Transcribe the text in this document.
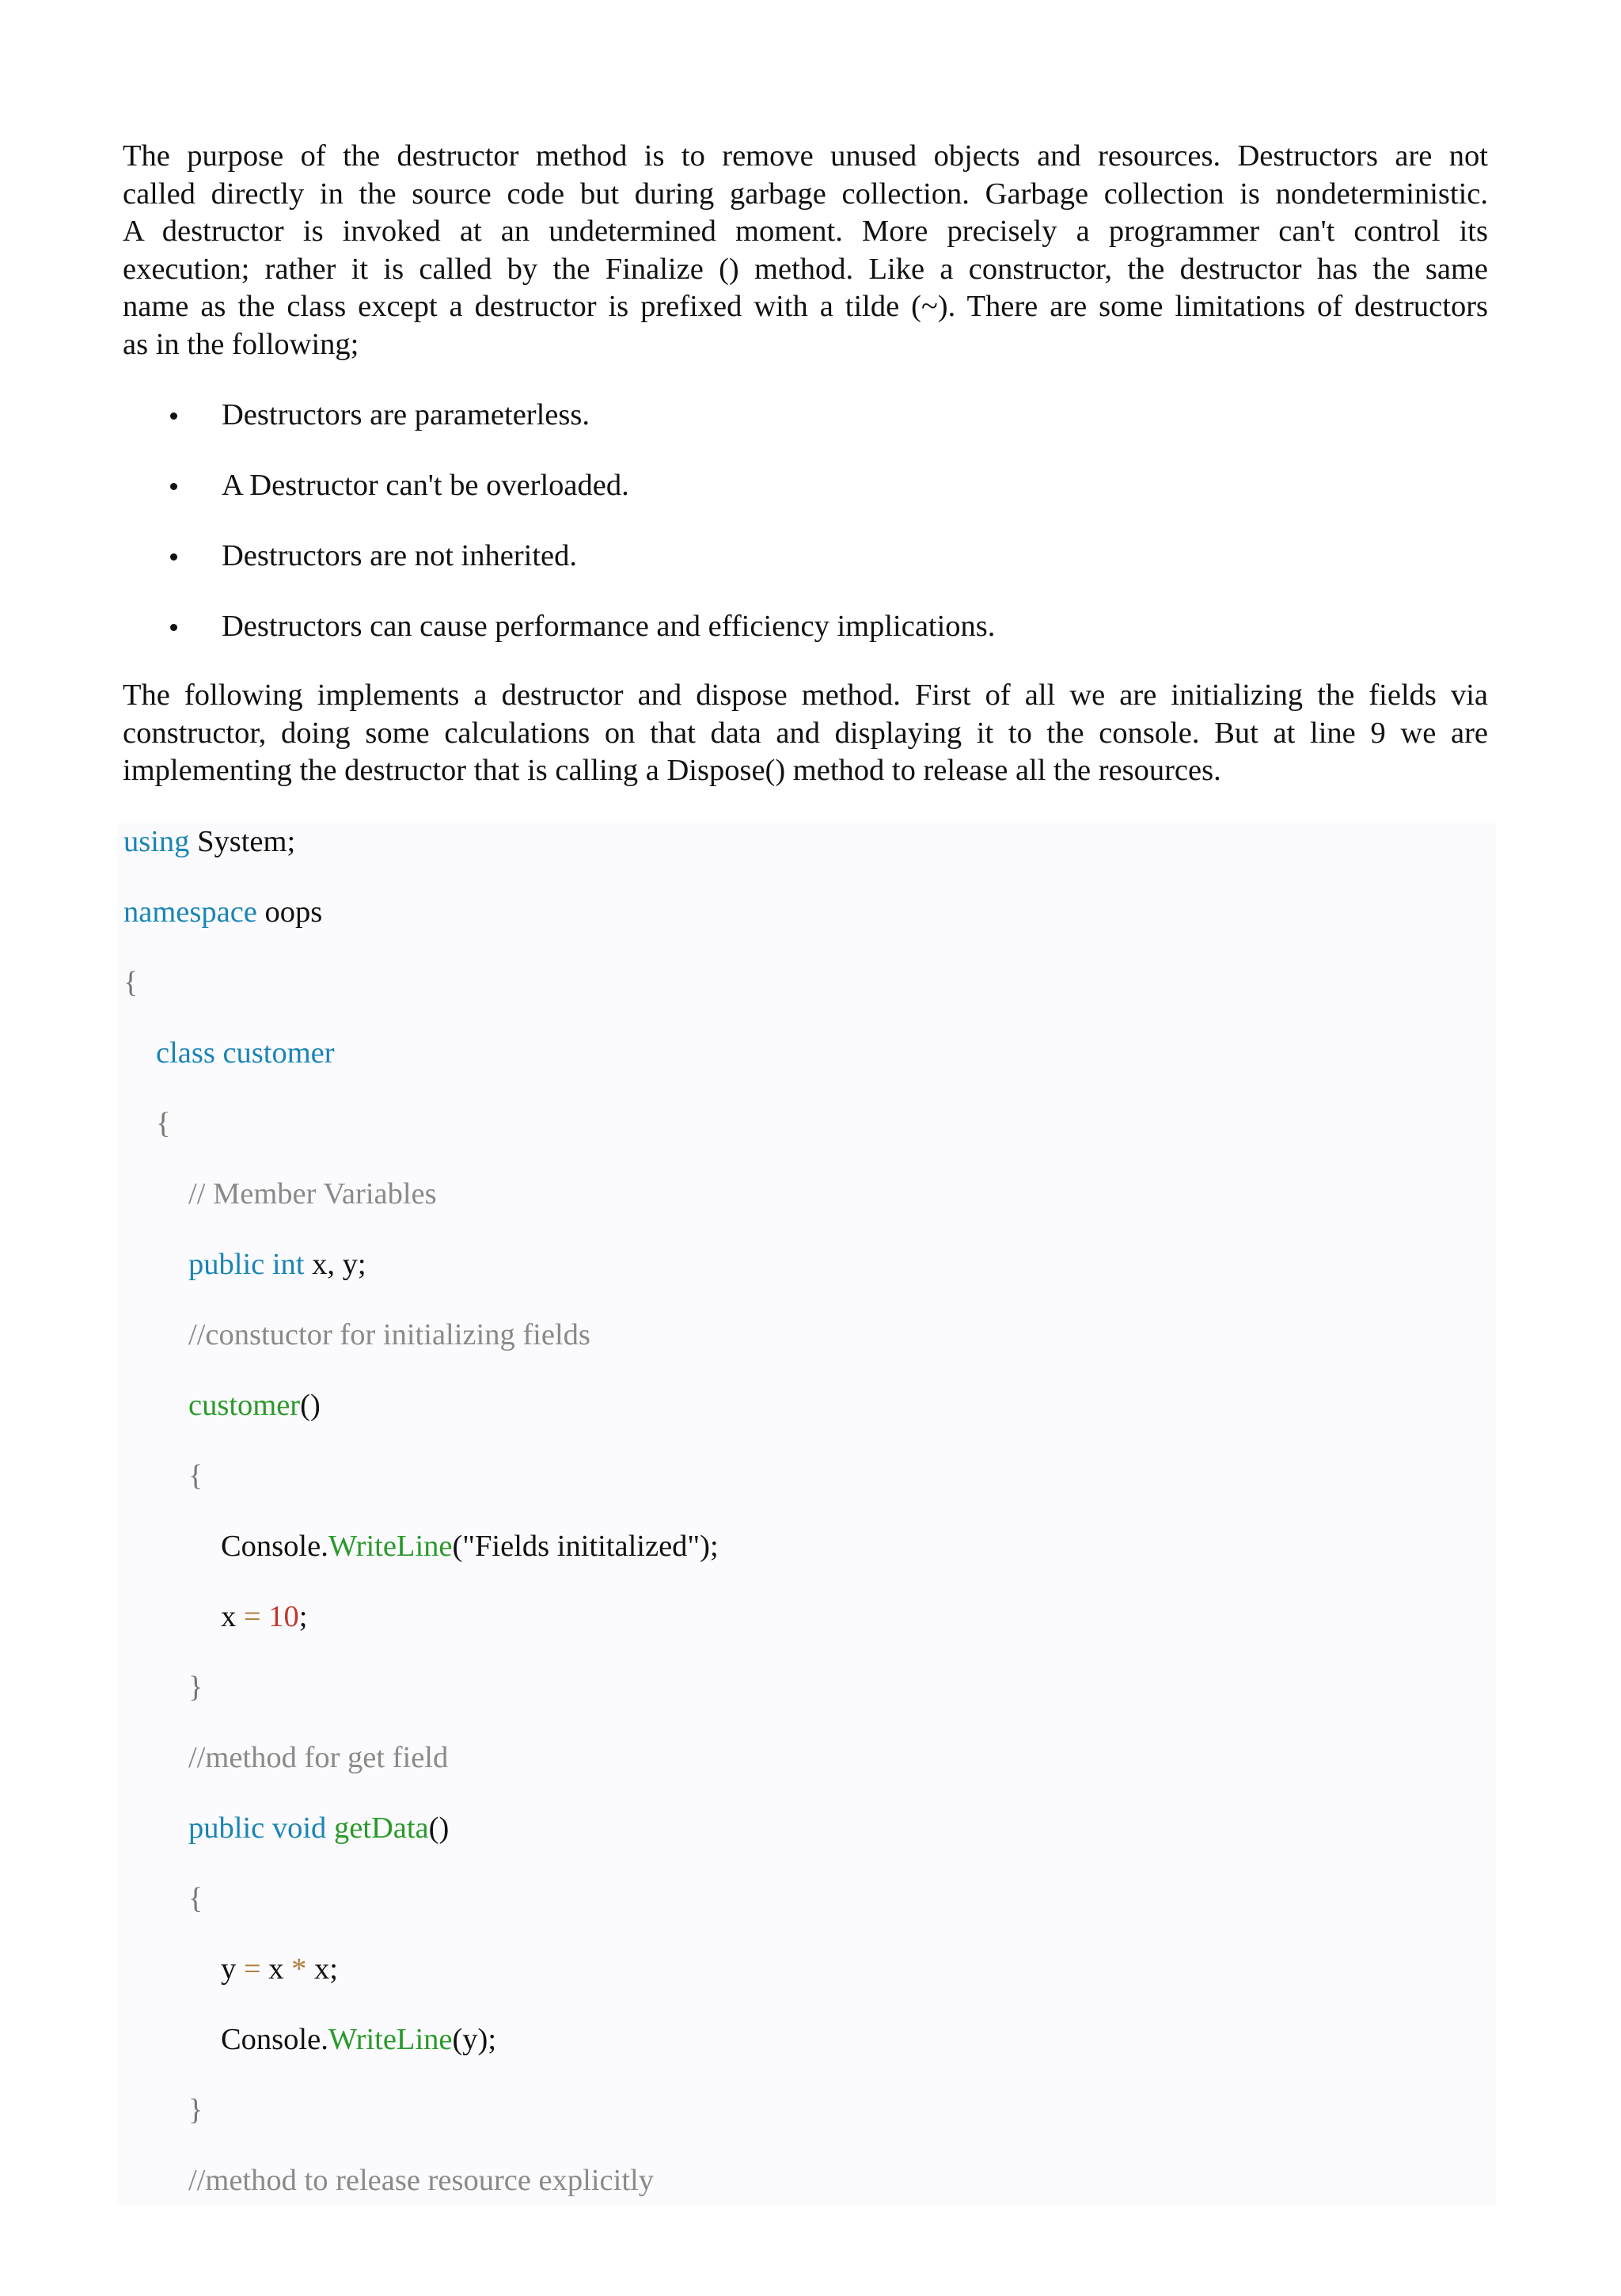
The purpose of the destructor method is to remove unused objects and resources. Destructors are not
called directly in the source code but during garbage collection. Garbage collection is nondeterministic.
A destructor is invoked at an undetermined moment. More precisely a programmer can't control its
execution; rather it is called by the Finalize () method. Like a constructor, the destructor has the same
name as the class except a destructor is prefixed with a tilde (~). There are some limitations of destructors
as in the following;
Destructors are parameterless.
A Destructor can't be overloaded.
Destructors are not inherited.
Destructors can cause performance and efficiency implications.
The following implements a destructor and dispose method. First of all we are initializing the fields via
constructor, doing some calculations on that data and displaying it to the console. But at line 9 we are
implementing the destructor that is calling a Dispose() method to release all the resources.
using System;
namespace oops
{
class customer
{
// Member Variables
public int x, y;
//constuctor for initializing fields
customer()
{
Console.WriteLine("Fields inititalized");
x = 10;
}
//method for get field
public void getData()
{
y = x * x;
Console.WriteLine(y);
}
//method to release resource explicitly
